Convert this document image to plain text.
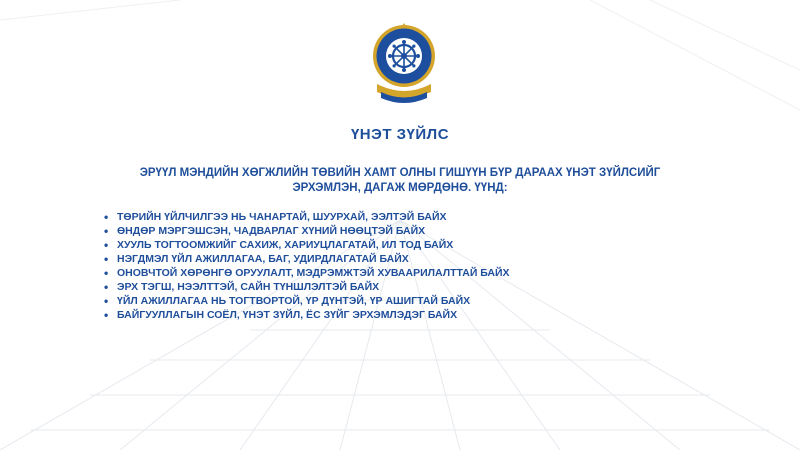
ҮНЭТ ЗҮЙЛС
ЭРҮҮЛ МЭНДИЙН ХӨГЖЛИЙН ТӨВИЙН ХАМТ ОЛНЫ ГИШҮҮН БҮР ДАРААХ ҮНЭТ ЗҮЙЛСИЙГ
ЭРХЭМЛЭН, ДАГАЖ МӨРДӨНӨ. ҮҮНД:
• ТӨРИЙН ҮЙЛЧИЛГЭЭ НЬ ЧАНАРТАЙ, ШУУРХАЙ, ЭЭЛТЭЙ БАЙХ
• ӨНДӨР МЭРГЭШСЭН, ЧАДВАРЛАГ ХҮНИЙ НӨӨЦТЭЙ БАЙХ
• ХУУЛЬ ТОГТООМЖИЙГ САХИЖ, ХАРИУЦЛАГАТАЙ, ИЛ ТОД БАЙХ
• НЭГДМЭЛ ҮЙЛ АЖИЛЛАГАА, БАГ, УДИРДЛАГАТАЙ БАЙХ
• ОНОВЧТОЙ ХӨРӨНГӨ ОРУУЛАЛТ, МЭДРЭМЖТЭЙ ХУВААРИЛАЛТТАЙ БАЙХ
• ЭРХ ТЭГШ, НЭЭЛТТЭЙ, САЙН ТҮНШЛЭЛТЭЙ БАЙХ
• ҮЙЛ АЖИЛЛАГАА НЬ ТОГТВОРТОЙ, ҮР ДҮНТЭЙ, ҮР АШИГТАЙ БАЙХ
• БАЙГУУЛЛАГЫН СОЁЛ, ҮНЭТ ЗҮЙЛ, ЁС ЗҮЙГ ЭРХЭМЛЭДЭГ БАЙХ
